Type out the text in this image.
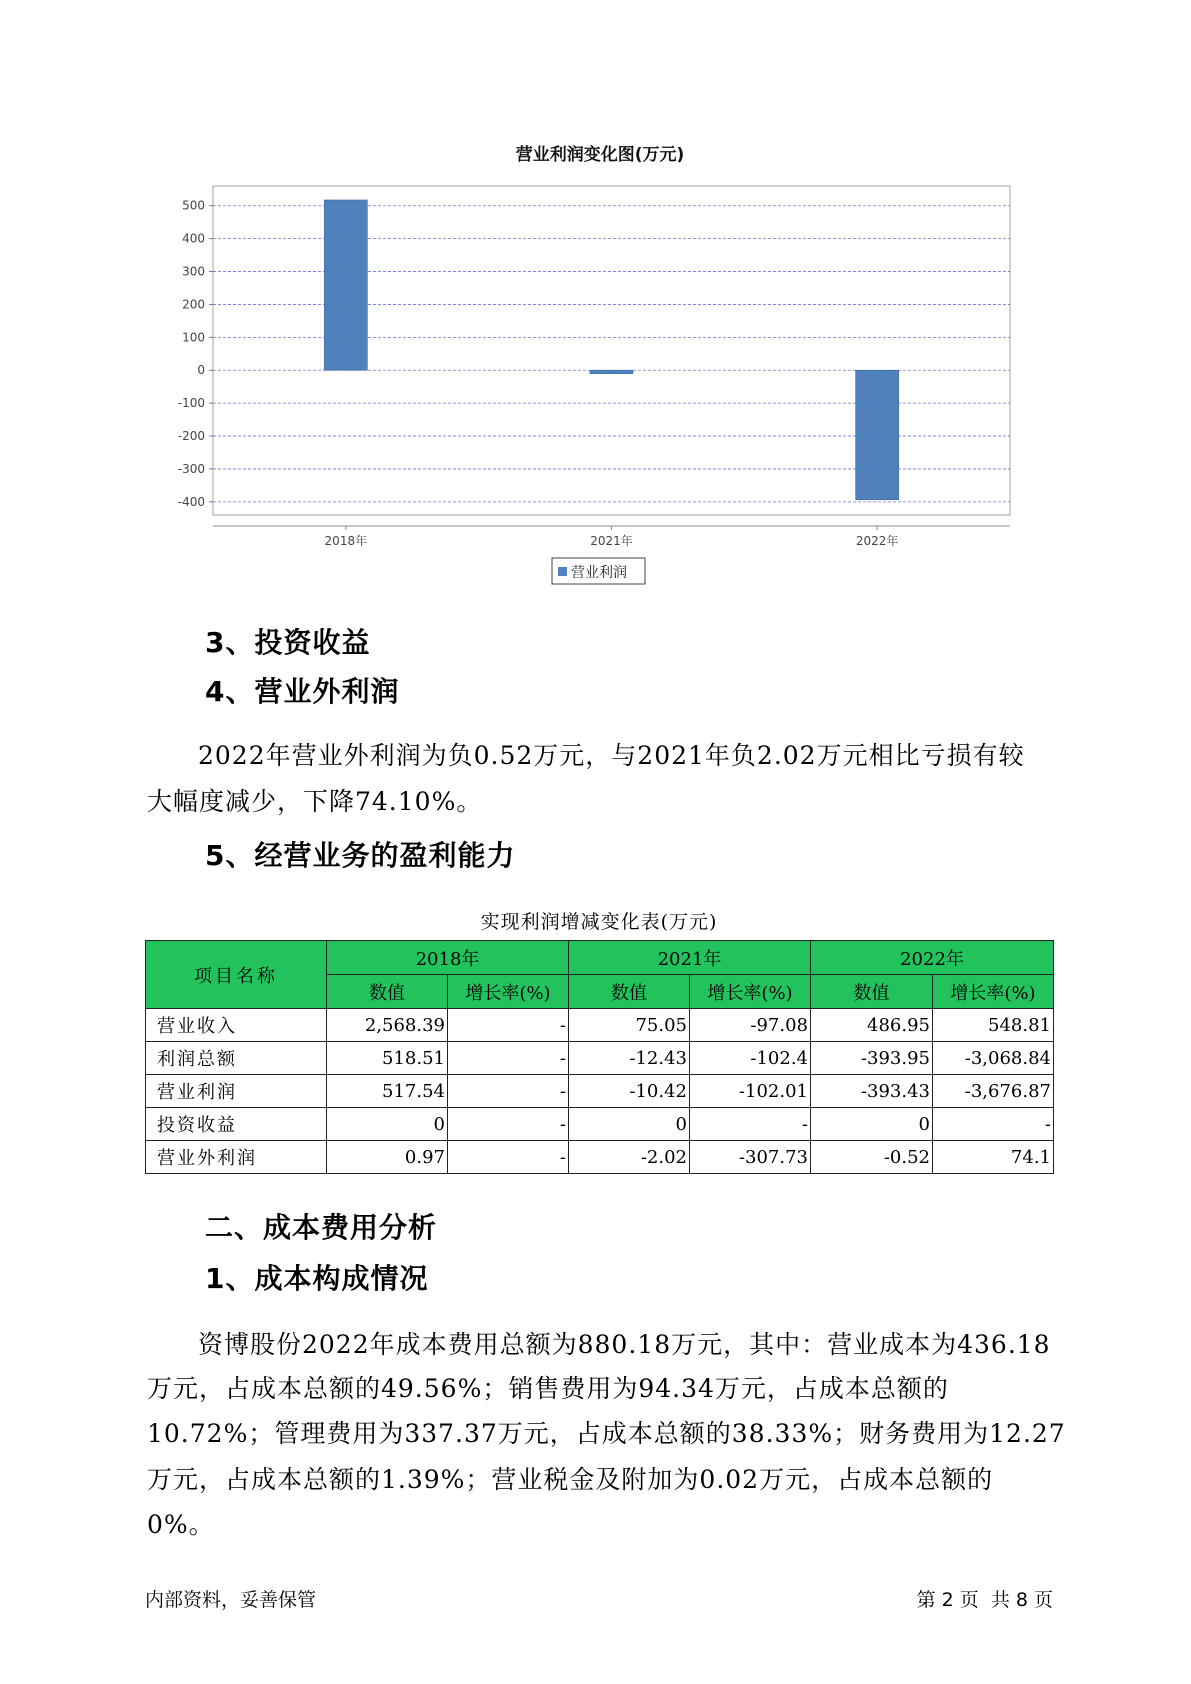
营业利润变化图(万元)
500
400
300
200
100
0
-100
-200
-300
-400
2018年	2021年	2022年
营业利润
3、投资收益
4、营业外利润
2022年营业外利润为负0.52万元，与2021年负2.02万元相比亏损有较
大幅度减少，下降74.10%。
5、经营业务的盈利能力
实现利润增减变化表(万元)
项目名称	2018年		2021年		2022年	
	数值	增长率(%)	数值	增长率(%)	数值	增长率(%)
营业收入	2,568.39	-	75.05	-97.08	486.95	548.81
利润总额	518.51	-	-12.43	-102.4	-393.95	-3,068.84
营业利润	517.54	-	-10.42	-102.01	-393.43	-3,676.87
投资收益	0	-	0	-	0	-
营业外利润	0.97	-	-2.02	-307.73	-0.52	74.1
二、成本费用分析
1、成本构成情况
资博股份2022年成本费用总额为880.18万元，其中：营业成本为436.18
万元，占成本总额的49.56%；销售费用为94.34万元，占成本总额的
10.72%；管理费用为337.37万元，占成本总额的38.33%；财务费用为12.27
万元，占成本总额的1.39%；营业税金及附加为0.02万元，占成本总额的
0%。
内部资料，妥善保管	第 2 页  共 8 页
